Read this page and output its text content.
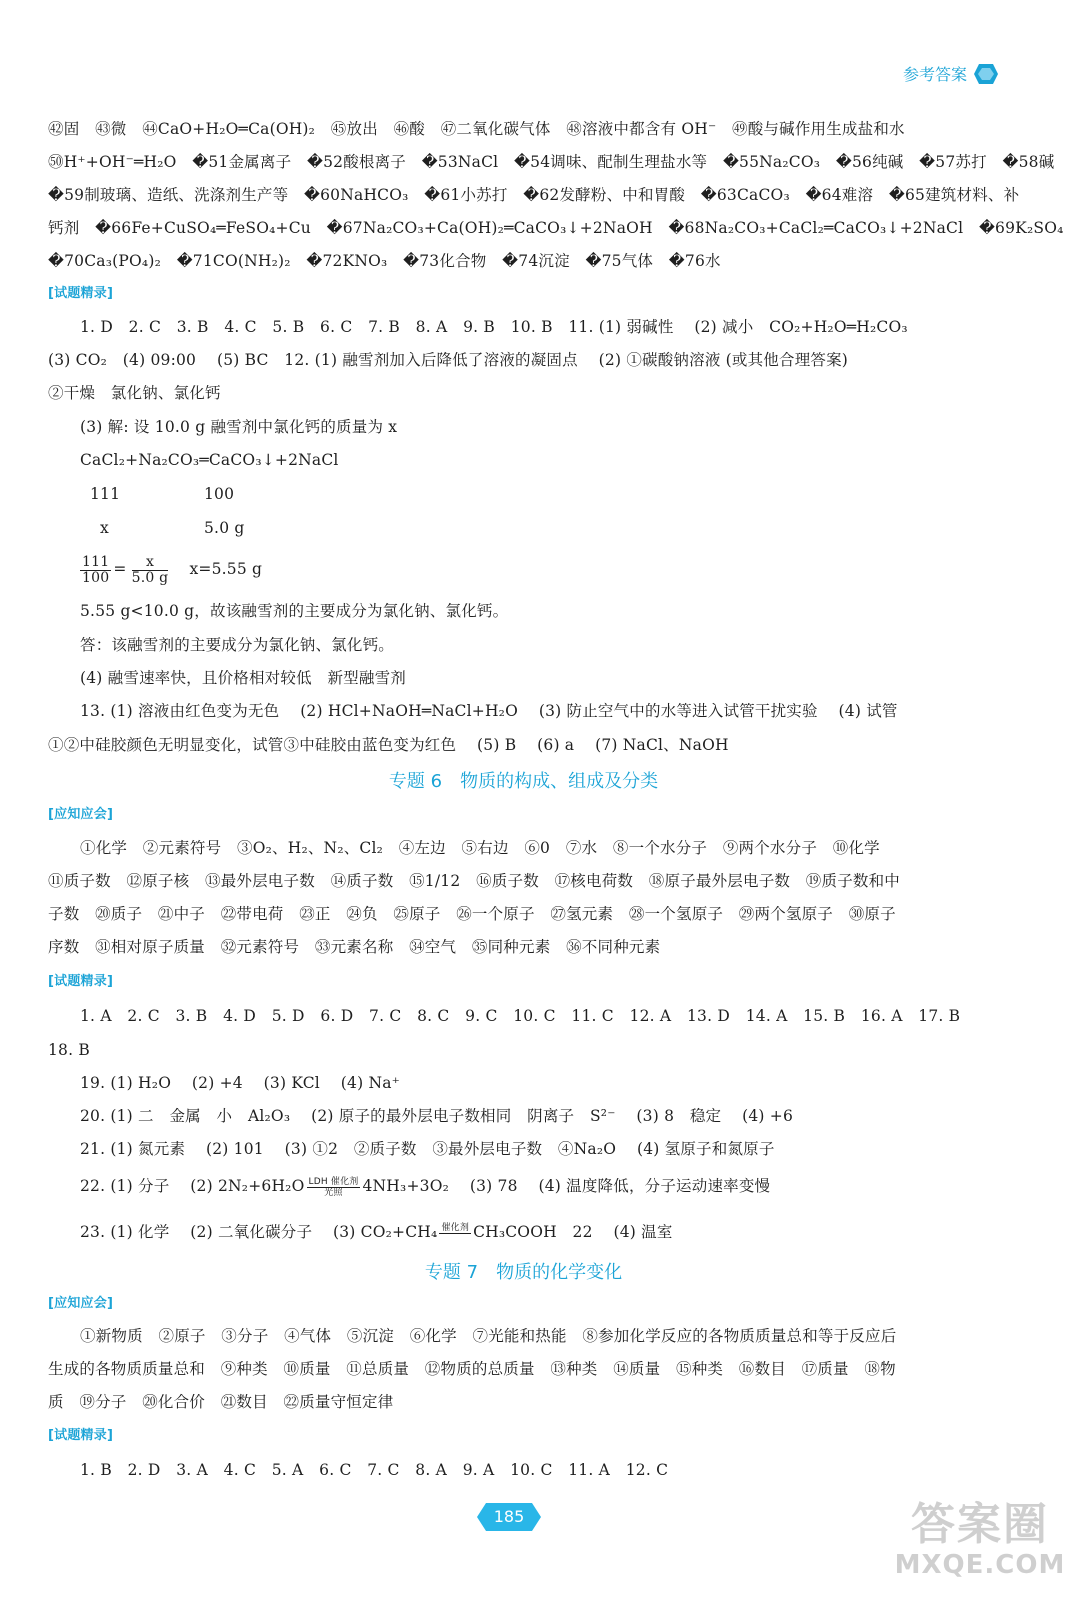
参考答案
㊷固　㊸微　㊹CaO+H₂O═Ca(OH)₂　㊺放出　㊻酸　㊼二氧化碳气体　㊽溶液中都含有 OH⁻　㊾酸与碱作用生成盐和水
㊿H⁺+OH⁻═H₂O　�51金属离子　�52酸根离子　�53NaCl　�54调味、配制生理盐水等　�55Na₂CO₃　�56纯碱　�57苏打　�58碱
�59制玻璃、造纸、洗涤剂生产等　�60NaHCO₃　�61小苏打　�62发酵粉、中和胃酸　�63CaCO₃　�64难溶　�65建筑材料、补
钙剂　�66Fe+CuSO₄═FeSO₄+Cu　�67Na₂CO₃+Ca(OH)₂═CaCO₃↓+2NaOH　�68Na₂CO₃+CaCl₂═CaCO₃↓+2NaCl　�69K₂SO₄
�70Ca₃(PO₄)₂　�71CO(NH₂)₂　�72KNO₃　�73化合物　�74沉淀　�75气体　�76水
[试题精录]
1. D　2. C　3. B　4. C　5. B　6. C　7. B　8. A　9. B　10. B　11. (1) 弱碱性　 (2) 减小　CO₂+H₂O═H₂CO₃
(3) CO₂　(4) 09:00　 (5) BC　12. (1) 融雪剂加入后降低了溶液的凝固点　 (2) ①碳酸钠溶液 (或其他合理答案)
②干燥　氯化钠、氯化钙
(3) 解: 设 10.0 g 融雪剂中氯化钙的质量为 x
CaCl₂+Na₂CO₃═CaCO₃↓+2NaCl
111	100
x	5.0 g
$\frac{111}{100} = \frac{x}{5.0 g} x=5.55$ g
5.55 g<10.0 g，故该融雪剂的主要成分为氯化钠、氯化钙。
答：该融雪剂的主要成分为氯化钠、氯化钙。
(4) 融雪速率快，且价格相对较低　新型融雪剂
13. (1) 溶液由红色变为无色　 (2) HCl+NaOH═NaCl+H₂O　 (3) 防止空气中的水等进入试管干扰实验　 (4) 试管
①②中硅胶颜色无明显变化，试管③中硅胶由蓝色变为红色　 (5) B　 (6) a　 (7) NaCl、NaOH
专题 6　物质的构成、组成及分类
[应知应会]
①化学　②元素符号　③O₂、H₂、N₂、Cl₂　④左边　⑤右边　⑥0　⑦水　⑧一个水分子　⑨两个水分子　⑩化学
⑪质子数　⑫原子核　⑬最外层电子数　⑭质子数　⑮1/12　⑯质子数　⑰核电荷数　⑱原子最外层电子数　⑲质子数和中
子数　⑳质子　㉑中子　㉒带电荷　㉓正　㉔负　㉕原子　㉖一个原子　㉗氢元素　㉘一个氢原子　㉙两个氢原子　㉚原子
序数　㉛相对原子质量　㉜元素符号　㉝元素名称　㉞空气　㉟同种元素　㊱不同种元素
[试题精录]
1. A　2. C　3. B　4. D　5. D　6. D　7. C　8. C　9. C　10. C　11. C　12. A　13. D　14. A　15. B　16. A　17. B
18. B
19. (1) H₂O　 (2) +4　 (3) KCl　 (4) Na⁺
20. (1) 二　金属　小　Al₂O₃　 (2) 原子的最外层电子数相同　阴离子　S²⁻　 (3) 8　稳定　 (4) +6
21. (1) 氮元素　 (2) 101　 (3) ①2　②质子数　③最外层电子数　④Na₂O　 (4) 氢原子和氮原子
22. (1) 分子　 (2) 2N₂+6H₂O LDH 催化剂
光照	4NH₃+3O₂　 (3) 78　 (4) 温度降低，分子运动速率变慢
23. (1) 化学　 (2) 二氧化碳分子　 (3) CO₂+CH₄ 催化剂
CH₃COOH　22　 (4) 温室
专题 7　物质的化学变化
[应知应会]
①新物质　②原子　③分子　④气体　⑤沉淀　⑥化学　⑦光能和热能　⑧参加化学反应的各物质质量总和等于反应后
生成的各物质质量总和　⑨种类　⑩质量　⑪总质量　⑫物质的总质量　⑬种类　⑭质量　⑮种类　⑯数目　⑰质量　⑱物
质　⑲分子　⑳化合价　㉑数目　㉒质量守恒定律
[试题精录]
1. B　2. D　3. A　4. C　5. A　6. C　7. C　8. A　9. A　10. C　11. A　12. C
185	答案圈
MXQE.COM
